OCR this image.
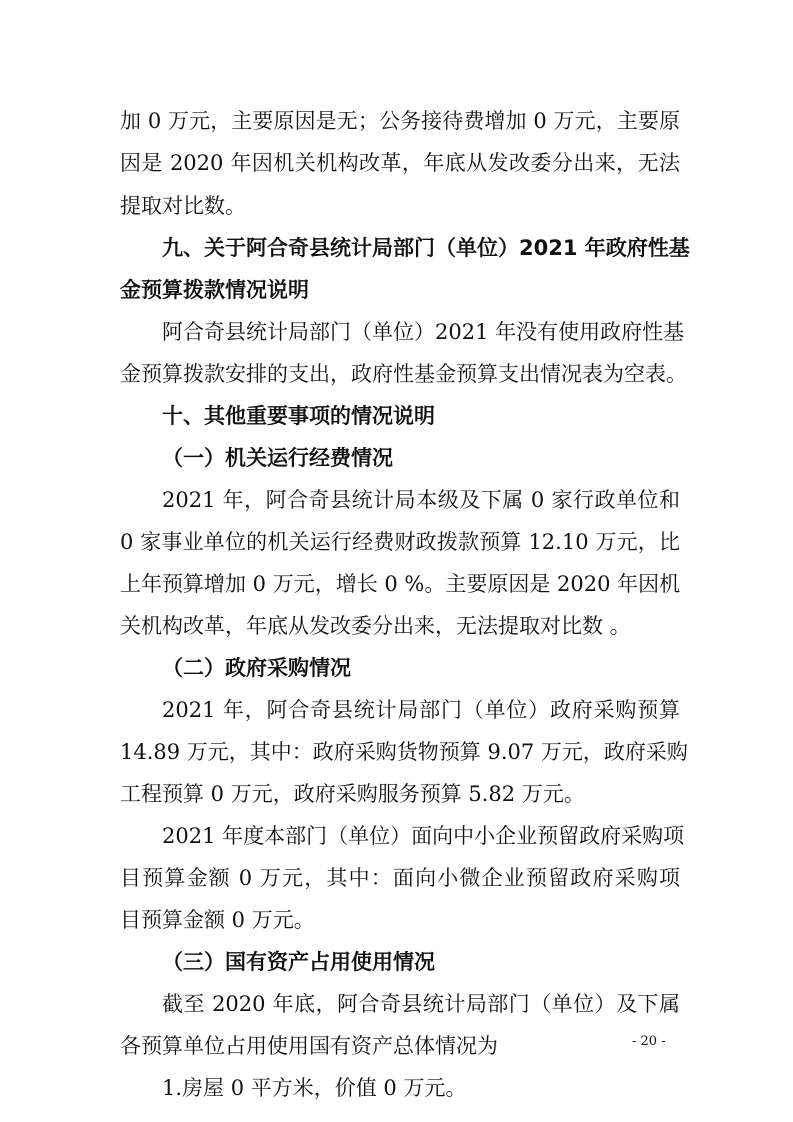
加 0 万元，主要原因是无；公务接待费增加 0 万元，主要原
因是 2020 年因机关机构改革，年底从发改委分出来，无法
提取对比数。
九、关于阿合奇县统计局部门（单位）2021 年政府性基
金预算拨款情况说明
阿合奇县统计局部门（单位）2021 年没有使用政府性基
金预算拨款安排的支出，政府性基金预算支出情况表为空表。
十、其他重要事项的情况说明
（一）机关运行经费情况
2021 年，阿合奇县统计局本级及下属 0 家行政单位和
0 家事业单位的机关运行经费财政拨款预算 12.10 万元，比
上年预算增加 0 万元，增长 0 %。主要原因是 2020 年因机
关机构改革，年底从发改委分出来，无法提取对比数 。
（二）政府采购情况
2021 年，阿合奇县统计局部门（单位）政府采购预算
14.89 万元，其中：政府采购货物预算 9.07 万元，政府采购
工程预算 0 万元，政府采购服务预算 5.82 万元。
2021 年度本部门（单位）面向中小企业预留政府采购项
目预算金额 0 万元，其中：面向小微企业预留政府采购项
目预算金额 0 万元。
（三）国有资产占用使用情况
截至 2020 年底，阿合奇县统计局部门（单位）及下属
各预算单位占用使用国有资产总体情况为
1.房屋 0 平方米，价值 0 万元。
- 20 -
